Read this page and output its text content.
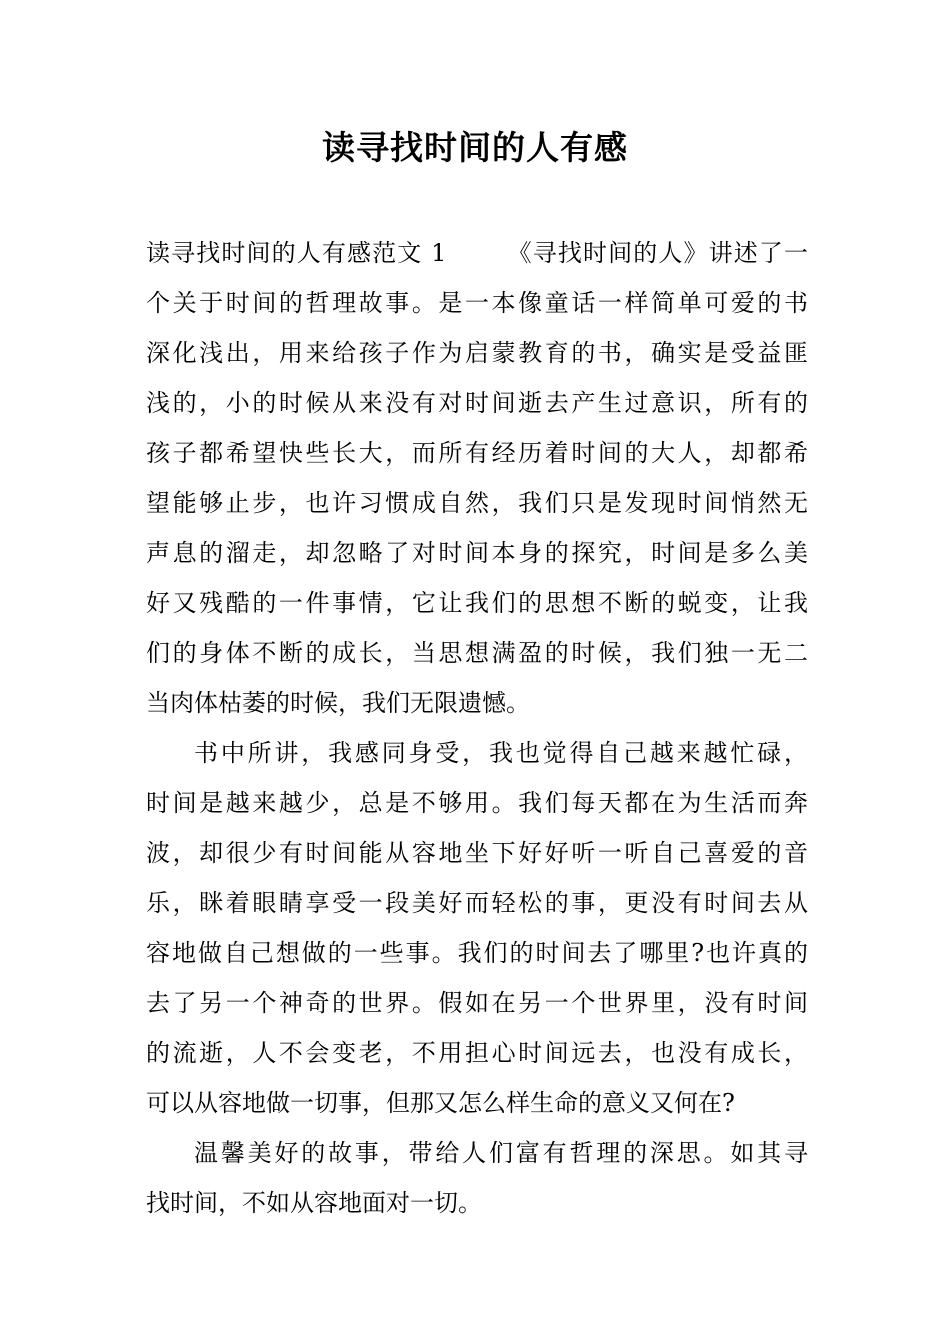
读寻找时间的人有感
读寻找时间的人有感范文 1	《寻找时间的人》讲述了一
个关于时间的哲理故事。是一本像童话一样简单可爱的书
深化浅出，用来给孩子作为启蒙教育的书，确实是受益匪
浅的，小的时候从来没有对时间逝去产生过意识，所有的
孩子都希望快些长大，而所有经历着时间的大人，却都希
望能够止步，也许习惯成自然，我们只是发现时间悄然无
声息的溜走，却忽略了对时间本身的探究，时间是多么美
好又残酷的一件事情，它让我们的思想不断的蜕变，让我
们的身体不断的成长，当思想满盈的时候，我们独一无二
当肉体枯萎的时候，我们无限遗憾。
书中所讲，我感同身受，我也觉得自己越来越忙碌，
时间是越来越少，总是不够用。我们每天都在为生活而奔
波，却很少有时间能从容地坐下好好听一听自己喜爱的音
乐，眯着眼睛享受一段美好而轻松的事，更没有时间去从
容地做自己想做的一些事。我们的时间去了哪里?也许真的
去了另一个神奇的世界。假如在另一个世界里，没有时间
的流逝，人不会变老，不用担心时间远去，也没有成长，
可以从容地做一切事，但那又怎么样生命的意义又何在?
温馨美好的故事，带给人们富有哲理的深思。如其寻
找时间，不如从容地面对一切。
